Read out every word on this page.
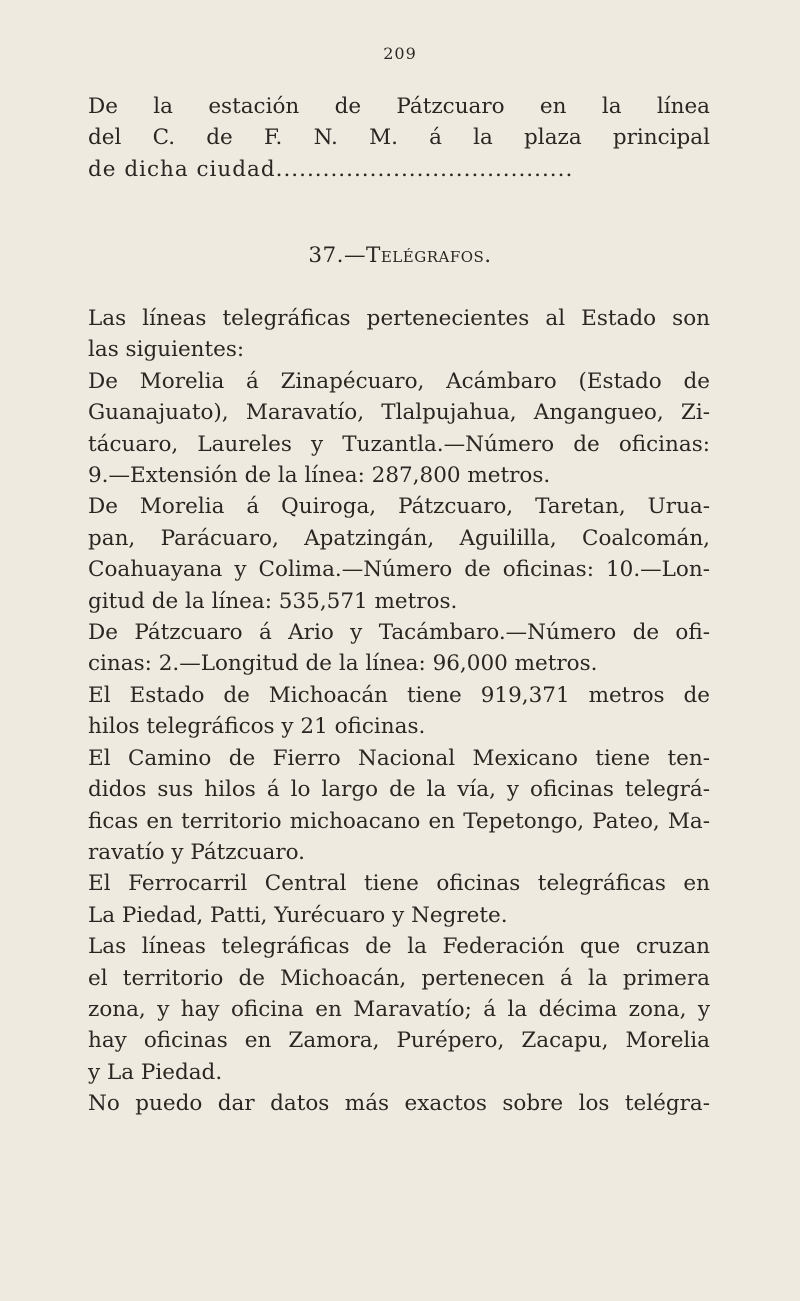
209
De la estación de Pátzcuaro en la línea
del C. de F. N. M. á la plaza principal
de dicha ciudad......................................
37.—Telégrafos.
Las líneas telegráficas pertenecientes al Estado son
las siguientes:
De Morelia á Zinapécuaro, Acámbaro (Estado de
Guanajuato), Maravatío, Tlalpujahua, Angangueo, Zi-
tácuaro, Laureles y Tuzantla.—Número de oficinas:
9.—Extensión de la línea: 287,800 metros.
De Morelia á Quiroga, Pátzcuaro, Taretan, Urua-
pan, Parácuaro, Apatzingán, Aguililla, Coalcomán,
Coahuayana y Colima.—Número de oficinas: 10.—Lon-
gitud de la línea: 535,571 metros.
De Pátzcuaro á Ario y Tacámbaro.—Número de ofi-
cinas: 2.—Longitud de la línea: 96,000 metros.
El Estado de Michoacán tiene 919,371 metros de
hilos telegráficos y 21 oficinas.
El Camino de Fierro Nacional Mexicano tiene ten-
didos sus hilos á lo largo de la vía, y oficinas telegrá-
ficas en territorio michoacano en Tepetongo, Pateo, Ma-
ravatío y Pátzcuaro.
El Ferrocarril Central tiene oficinas telegráficas en
La Piedad, Patti, Yurécuaro y Negrete.
Las líneas telegráficas de la Federación que cruzan
el territorio de Michoacán, pertenecen á la primera
zona, y hay oficina en Maravatío; á la décima zona, y
hay oficinas en Zamora, Purépero, Zacapu, Morelia
y La Piedad.
No puedo dar datos más exactos sobre los telégra-
